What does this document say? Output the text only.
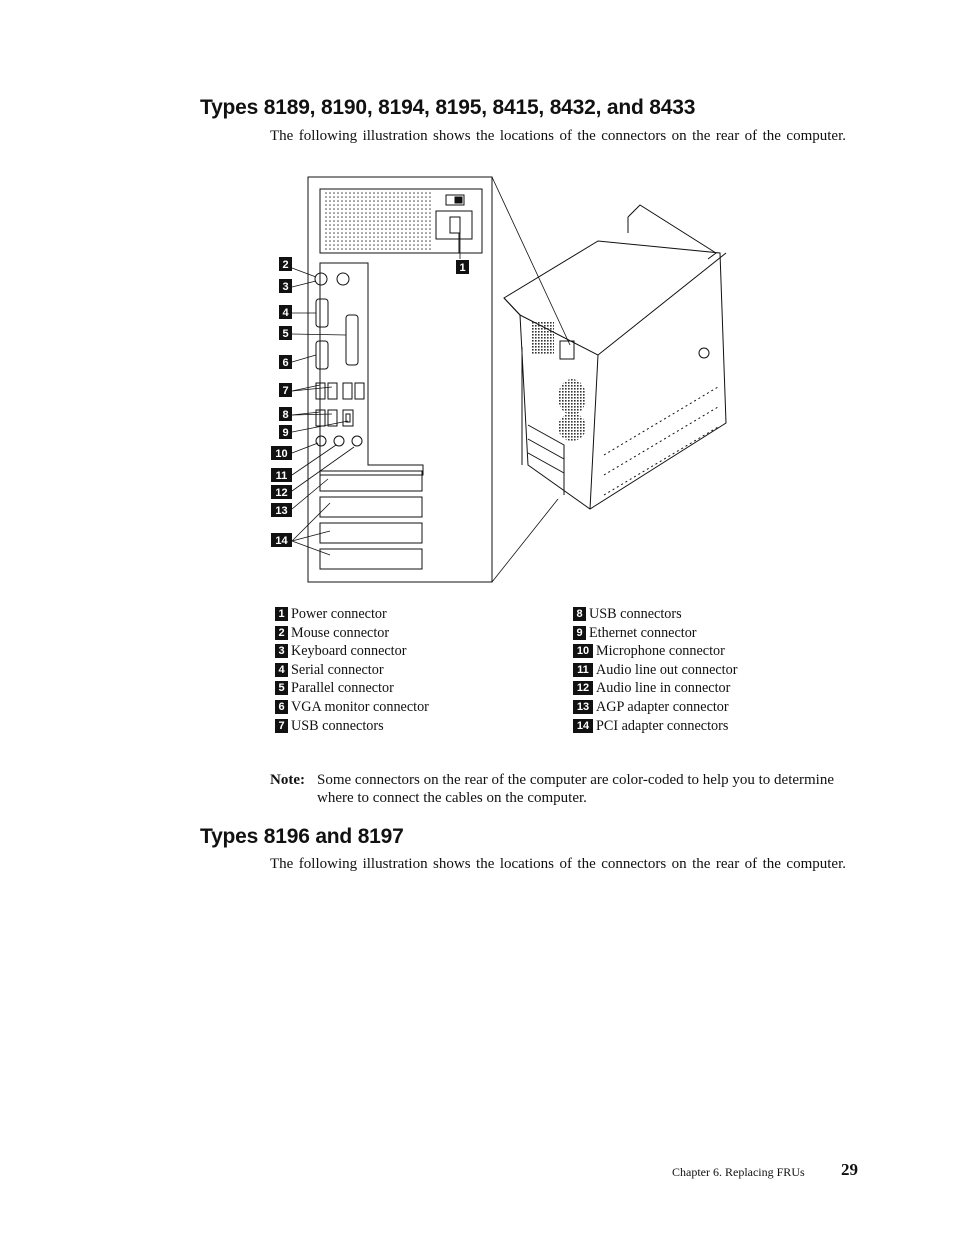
Types 8189, 8190, 8194, 8195, 8415, 8432, and 8433
The following illustration shows the locations of the connectors on the rear of the computer.
1
2
3
4
5
6
7
8
9
10
11
12
13
14
1 Power connector
2 Mouse connector
3 Keyboard connector
4 Serial connector
5 Parallel connector
6 VGA monitor connector
7 USB connectors
8 USB connectors
9 Ethernet connector
10 Microphone connector
11 Audio line out connector
12 Audio line in connector
13 AGP adapter connector
14 PCI adapter connectors
Note: Some connectors on the rear of the computer are color-coded to help you to determine where to connect the cables on the computer.
Types 8196 and 8197
The following illustration shows the locations of the connectors on the rear of the computer.
Chapter 6. Replacing FRUs 29
